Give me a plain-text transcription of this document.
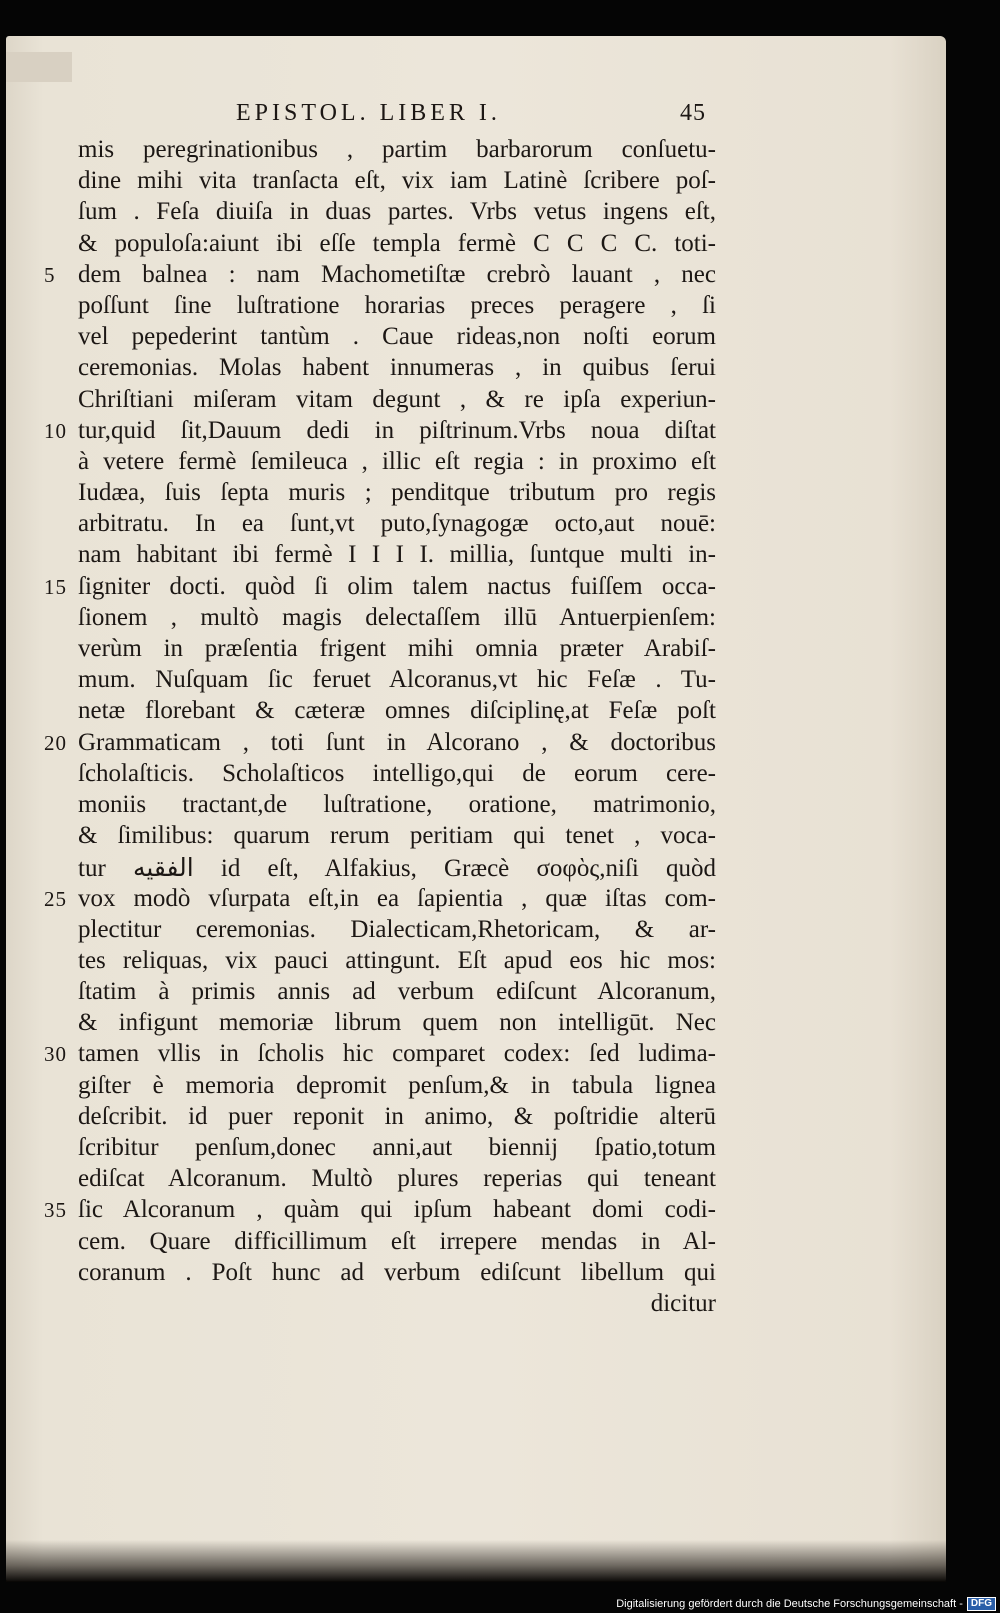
EPISTOL. LIBER I.	45
mis peregrinationibus , partim barbarorum conſuetu-
dine mihi vita tranſacta eſt, vix iam Latinè ſcribere poſ-
ſum . Feſa diuiſa in duas partes. Vrbs vetus ingens eſt,
& populoſa:aiunt ibi eſſe templa fermè C C C C. toti-
5 dem balnea : nam Machometiſtæ crebrò lauant , nec
poſſunt ſine luſtratione horarias preces peragere , ſi
vel pepederint tantùm . Caue rideas,non noſti eorum
ceremonias. Molas habent innumeras , in quibus ſerui
Chriſtiani miſeram vitam degunt , & re ipſa experiun-
10 tur,quid ſit,Dauum dedi in piſtrinum.Vrbs noua diſtat
à vetere fermè ſemileuca , illic eſt regia : in proximo eſt
Iudæa, ſuis ſepta muris ; penditque tributum pro regis
arbitratu. In ea ſunt,vt puto,ſynagogæ octo,aut nouē:
nam habitant ibi fermè I I I I. millia, ſuntque multi in-
15 ſigniter docti. quòd ſi olim talem nactus fuiſſem occa-
ſionem , multò magis delectaſſem illū Antuerpienſem:
verùm in præſentia frigent mihi omnia præter Arabiſ-
mum. Nuſquam ſic feruet Alcoranus,vt hic Feſæ . Tu-
netæ florebant & cæteræ omnes diſciplinę,at Feſæ poſt
20 Grammaticam , toti ſunt in Alcorano , & doctoribus
ſcholaſticis. Scholaſticos intelligo,qui de eorum cere-
moniis tractant,de luſtratione, oratione, matrimonio,
& ſimilibus: quarum rerum peritiam qui tenet , voca-
tur الفقيه id eſt, Alfakius, Græcè σοφὸς,niſi quòd
25 vox modò vſurpata eſt,in ea ſapientia , quæ iſtas com-
plectitur ceremonias. Dialecticam,Rhetoricam, & ar-
tes reliquas, vix pauci attingunt. Eſt apud eos hic mos:
ſtatim à primis annis ad verbum ediſcunt Alcoranum,
& infigunt memoriæ librum quem non intelligūt. Nec
30 tamen vllis in ſcholis hic comparet codex: ſed ludima-
giſter è memoria depromit penſum,& in tabula lignea
deſcribit. id puer reponit in animo, & poſtridie alterū
ſcribitur penſum,donec anni,aut biennij ſpatio,totum
ediſcat Alcoranum. Multò plures reperias qui teneant
35 ſic Alcoranum , quàm qui ipſum habeant domi codi-
cem. Quare difficillimum eſt irrepere mendas in Al-
coranum . Poſt hunc ad verbum ediſcunt libellum qui
dicitur
Digitalisierung gefördert durch die Deutsche Forschungsgemeinschaft - DFG
